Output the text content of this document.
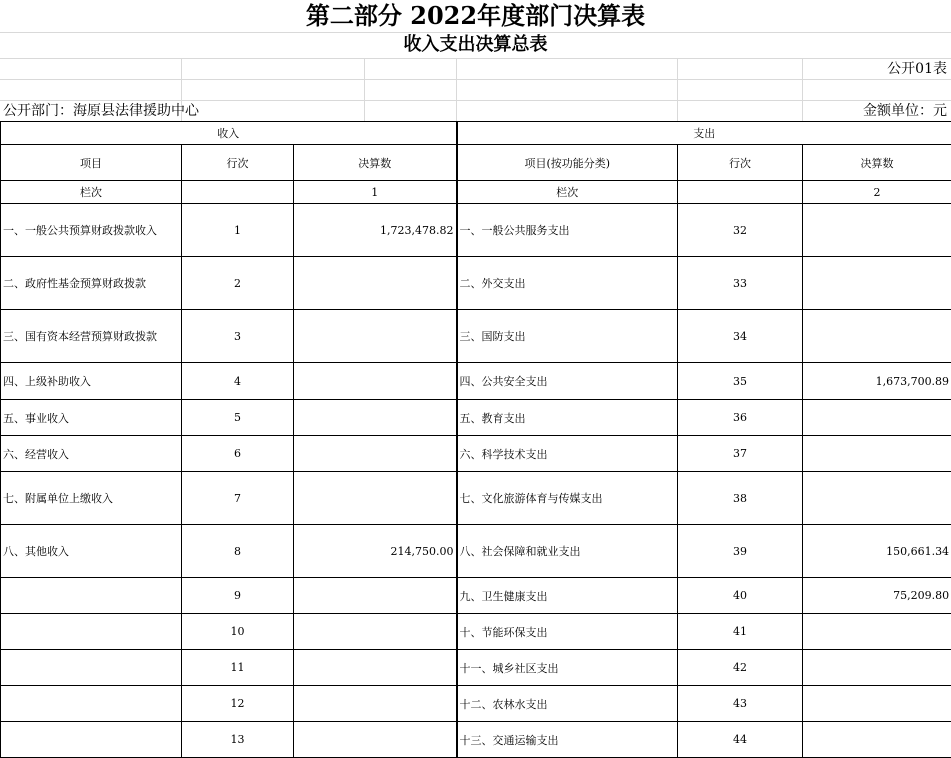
第二部分 2022年度部门决算表
收入支出决算总表
公开01表
公开部门：海原县法律援助中心	金额单位：元
收入			支出		
项目	行次	决算数	项目(按功能分类)	行次	决算数
栏次		1	栏次		2
一、一般公共预算财政拨款收入	1	1,723,478.82	一、一般公共服务支出	32	
二、政府性基金预算财政拨款	2		二、外交支出	33	
三、国有资本经营预算财政拨款	3		三、国防支出	34	
四、上级补助收入	4		四、公共安全支出	35	1,673,700.89
五、事业收入	5		五、教育支出	36	
六、经营收入	6		六、科学技术支出	37	
七、附属单位上缴收入	7		七、文化旅游体育与传媒支出	38	
八、其他收入	8	214,750.00	八、社会保障和就业支出	39	150,661.34
	9		九、卫生健康支出	40	75,209.80
	10		十、节能环保支出	41	
	11		十一、城乡社区支出	42	
	12		十二、农林水支出	43	
	13		十三、交通运输支出	44	
